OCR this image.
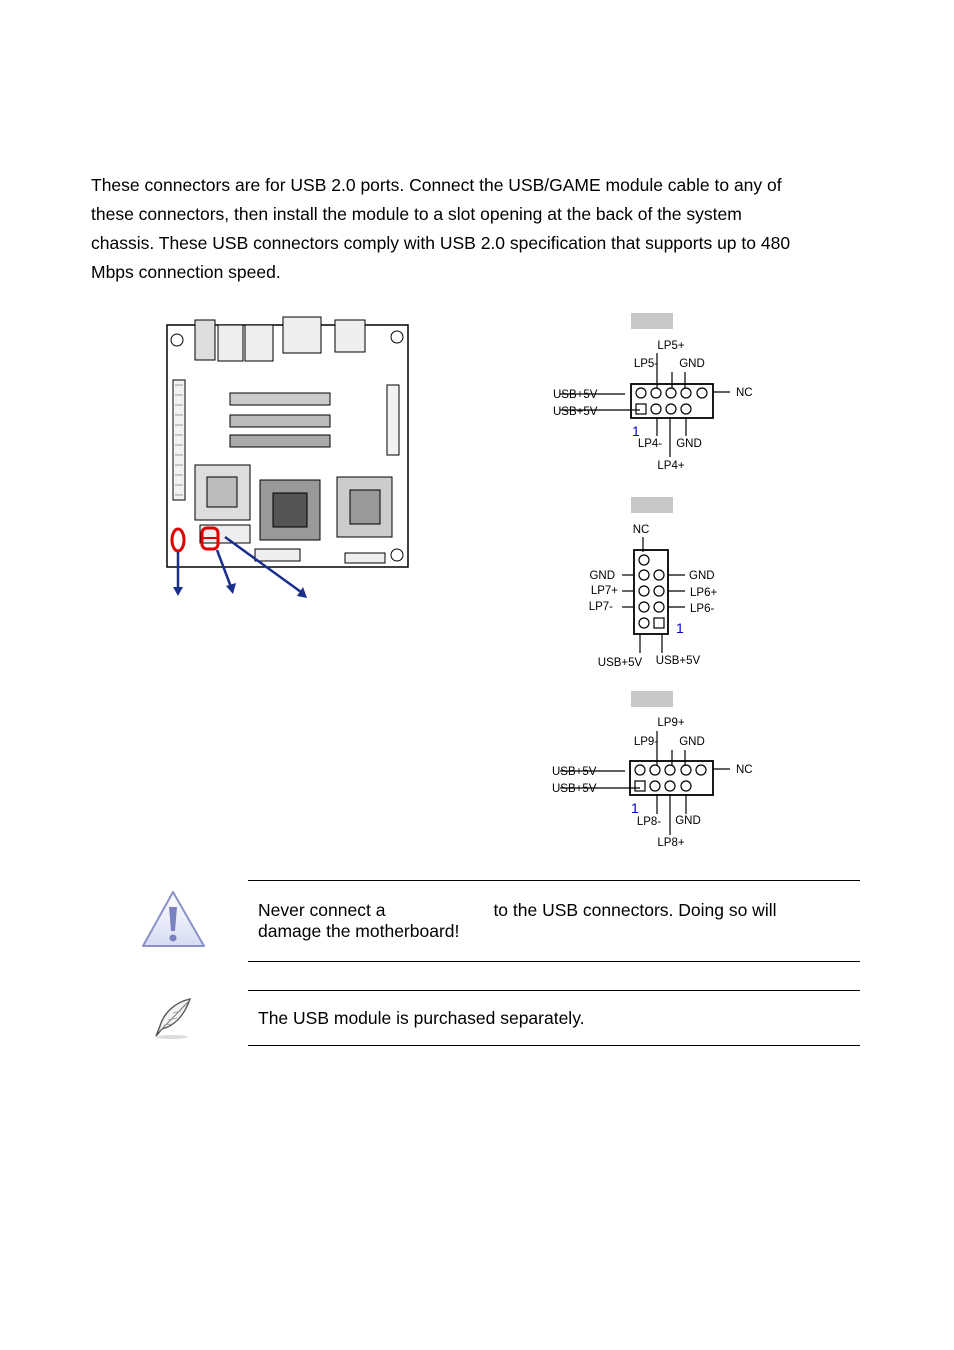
These connectors are for USB 2.0 ports. Connect the USB/GAME module cable to any of
these connectors, then install the module to a slot opening at the back of the system
chassis. These USB connectors comply with USB 2.0 specification that supports up to 480
Mbps connection speed.
LP5+
LP5- GND
USB+5V
USB+5V
NC
1
LP4- GND
LP4+
NC
GND
LP7+
LP7-
GND
LP6+
LP6-
1
USB+5V USB+5V
LP9+
LP9- GND
USB+5V
USB+5V
NC
1
LP8- GND
LP8+
Never connect a	to the USB connectors. Doing so will
damage the motherboard!
The USB module is purchased separately.
